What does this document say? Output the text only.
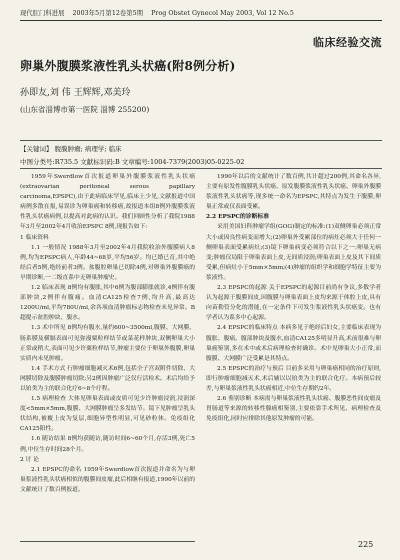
现代肛门科进展 2003年5月第12卷第5期 Prog Obstet Gynecol May 2003, Vol 12 No.5
临床经验交流
卵巢外腹膜浆液性乳头状癌(附8例分析)
孙即友,刘 伟 王辉辉,邓美玲
(山东省淄博市第一医院 淄博 255200)
【关键词】 腹膜肿瘤; 病理学; 临床
中图分类号:R735.5 文献标识码:B 文章编号:1004-7379(2003)05-0225-02

1959年Swerdlow首次报道卵巢外腹膜浆液性乳头状癌(extraovarian peritoneal serous papillary carcinoma,EPSPC),由于此病临床罕见,临床上少见,文献报道中国病例多散在报,易误诊为卵巢癌和转移癌,故报道本组8例外腹膜浆液性乳头状癌病例,以提高对此病的认识。我们回顾性分析了我院1988年3月至2002年4月收治EPSPC 8例,现报告如下:

1 临床资料

1.1 一般情况 1988年3月至2002年4月我院收治外腹膜病人8例,均为EPSPC病人,年龄44~68岁,平均56岁。均已婚已育,其中绝经后者5例,绝经前者3例。盆腹腔卵巢已切除4例,对卵巢外腹膜癌的早期诊断,一二级直系中无卵巢肿瘤史。

1.2 临床表现 8例均有腹胀,其中6例为腹部膨胀就诊,4例伴有腹部肿块,2例伴有腹痛。血清CA125检查7例,均升高,最高达1200U/ml,平均780U/ml,余各项血清肿瘤标志物检查未见异常。B超提示盆腔肿块、腹水。

1.3 术中所见 8例均有腹水,量约600~3500ml,腹膜、大网膜、肠系膜及横膈表面可见弥漫粟粒样结节或菜花样肿块,双侧卵巢大小正常或稍大,表面可见少许粟粒样结节,肿瘤主要位于卵巢外腹膜,卵巢实质内未见肿瘤。

1.4 手术方式 行肿瘤细胞减灭术6例,包括全子宫双附件切除、大网膜切除及腹膜肿瘤切除;另2例因肿瘤广泛仅行活检术。术后均给予以铂类为主的联合化疗6~8个疗程。

1.5 病理检查 大体见卵巢表面或皮质可见少许肿瘤浸润,浸润深度<5mm×5mm,腹膜、大网膜肿瘤呈多发结节。镜下见肿瘤呈乳头状结构,被覆上皮为复层,细胞异型性明显,可见砂粒体。免疫组化CA125阳性。

1.6 随访结果 8例均获随访,随访时间6~60个月,存活3例,死亡5例,中位生存时间28个月。

2 讨 论

2.1 EPSPC的命名 1959年Swerdlow首次报道并命名为与卵巢浆液性乳头状癌相似的腹膜间皮瘤,此后相继有报道,1990年以前的文献统计了数百例报道。

1990年以后的文献统计了数百例,共计超过200例,其命名各异,主要有原发性腹膜乳头状癌、原发腹膜浆液性乳头状癌、卵巢外腹膜浆液性乳头状癌等,现多统一命名为EPSPC,其特点为发生于腹膜,卵巢正常或仅表面受累。

2.2 EPSPC的诊断标准

采用美国妇科肿瘤学组(GOG)制定的标准:(1)双侧卵巢必须正常大小或因良性病变而增大;(2)卵巢外受累部位的病灶必须大于任何一侧卵巢表面受累病灶;(3)镜下卵巢病变必须符合以下之一:卵巢无病变;肿瘤仅局限于卵巢表面上皮,无间质浸润;卵巢表面上皮及其下间质受累,但病灶小于5mm×5mm;(4)肿瘤的组织学和细胞学特征主要为浆液性。

2.3 EPSPC的起源 关于EPSPC的起源目前尚有争议,多数学者认为起源于腹膜间皮,因腹膜与卵巢表面上皮均来源于体腔上皮,具有向苗勒管分化的潜能,在一定条件下可发生浆液性乳头状癌变。也有学者认为系多中心起源。

2.4 EPSPC的临床特点 本病多见于绝经后妇女,主要临床表现为腹胀、腹痛、腹部肿块及腹水,血清CA125多明显升高,术前很难与卵巢癌鉴别,多在术中或术后病理检查时确诊。术中见卵巢大小正常,而腹膜、大网膜广泛受累是其特点。

2.5 EPSPC的治疗与预后 目前多采用与卵巢癌相同的治疗原则,即行肿瘤细胞减灭术,术后辅以以铂类为主的联合化疗。本病预后较差,与卵巢浆液性乳头状癌相近,中位生存期约2年。

2.6 鉴别诊断 本病需与卵巢浆液性乳头状癌、腹膜恶性间皮瘤及胃肠道等来源的转移性腺癌相鉴别,主要依靠手术所见、病理检查及免疫组化,同时应排除其他原发肿瘤的可能。

225
